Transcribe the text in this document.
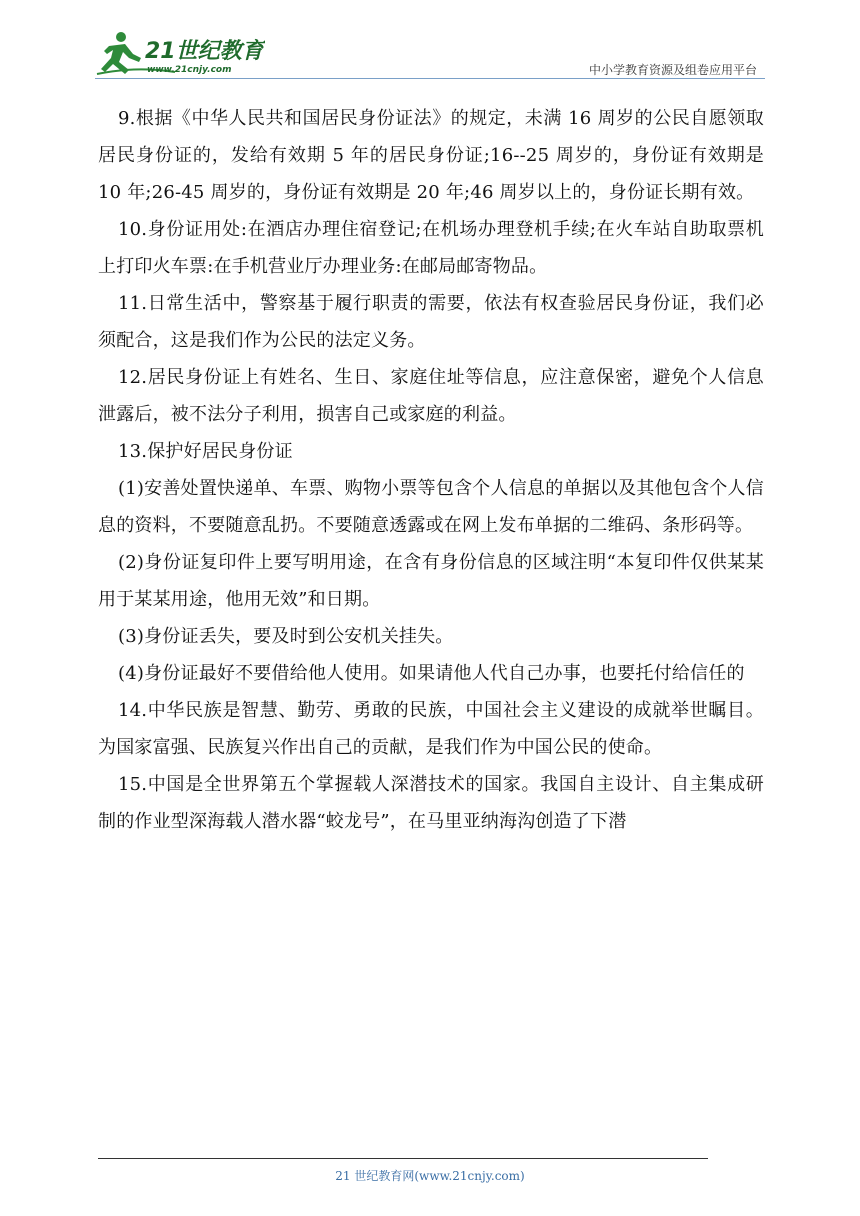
21世纪教育
www.21cnjy.com	中小学教育资源及组卷应用平台

9.根据《中华人民共和国居民身份证法》的规定，未满 16 周岁的公民自愿领取居民身份证的，发给有效期 5 年的居民身份证;16--25 周岁的，身份证有效期是 10 年;26-45 周岁的，身份证有效期是 20 年;46 周岁以上的，身份证长期有效。

10.身份证用处:在酒店办理住宿登记;在机场办理登机手续;在火车站自助取票机上打印火车票:在手机营业厅办理业务:在邮局邮寄物品。

11.日常生活中，警察基于履行职责的需要，依法有权查验居民身份证，我们必须配合，这是我们作为公民的法定义务。

12.居民身份证上有姓名、生日、家庭住址等信息，应注意保密，避免个人信息泄露后，被不法分子利用，损害自己或家庭的利益。

13.保护好居民身份证

(1)安善处置快递单、车票、购物小票等包含个人信息的单据以及其他包含个人信息的资料，不要随意乱扔。不要随意透露或在网上发布单据的二维码、条形码等。

(2)身份证复印件上要写明用途，在含有身份信息的区域注明“本复印件仅供某某用于某某用途，他用无效”和日期。

(3)身份证丢失，要及时到公安机关挂失。

(4)身份证最好不要借给他人使用。如果请他人代自己办事，也要托付给信任的

14.中华民族是智慧、勤劳、勇敢的民族，中国社会主义建设的成就举世瞩目。为国家富强、民族复兴作出自己的贡献，是我们作为中国公民的使命。

15.中国是全世界第五个掌握载人深潜技术的国家。我国自主设计、自主集成研制的作业型深海载人潜水器“蛟龙号”，在马里亚纳海沟创造了下潜

21 世纪教育网(www.21cnjy.com)
